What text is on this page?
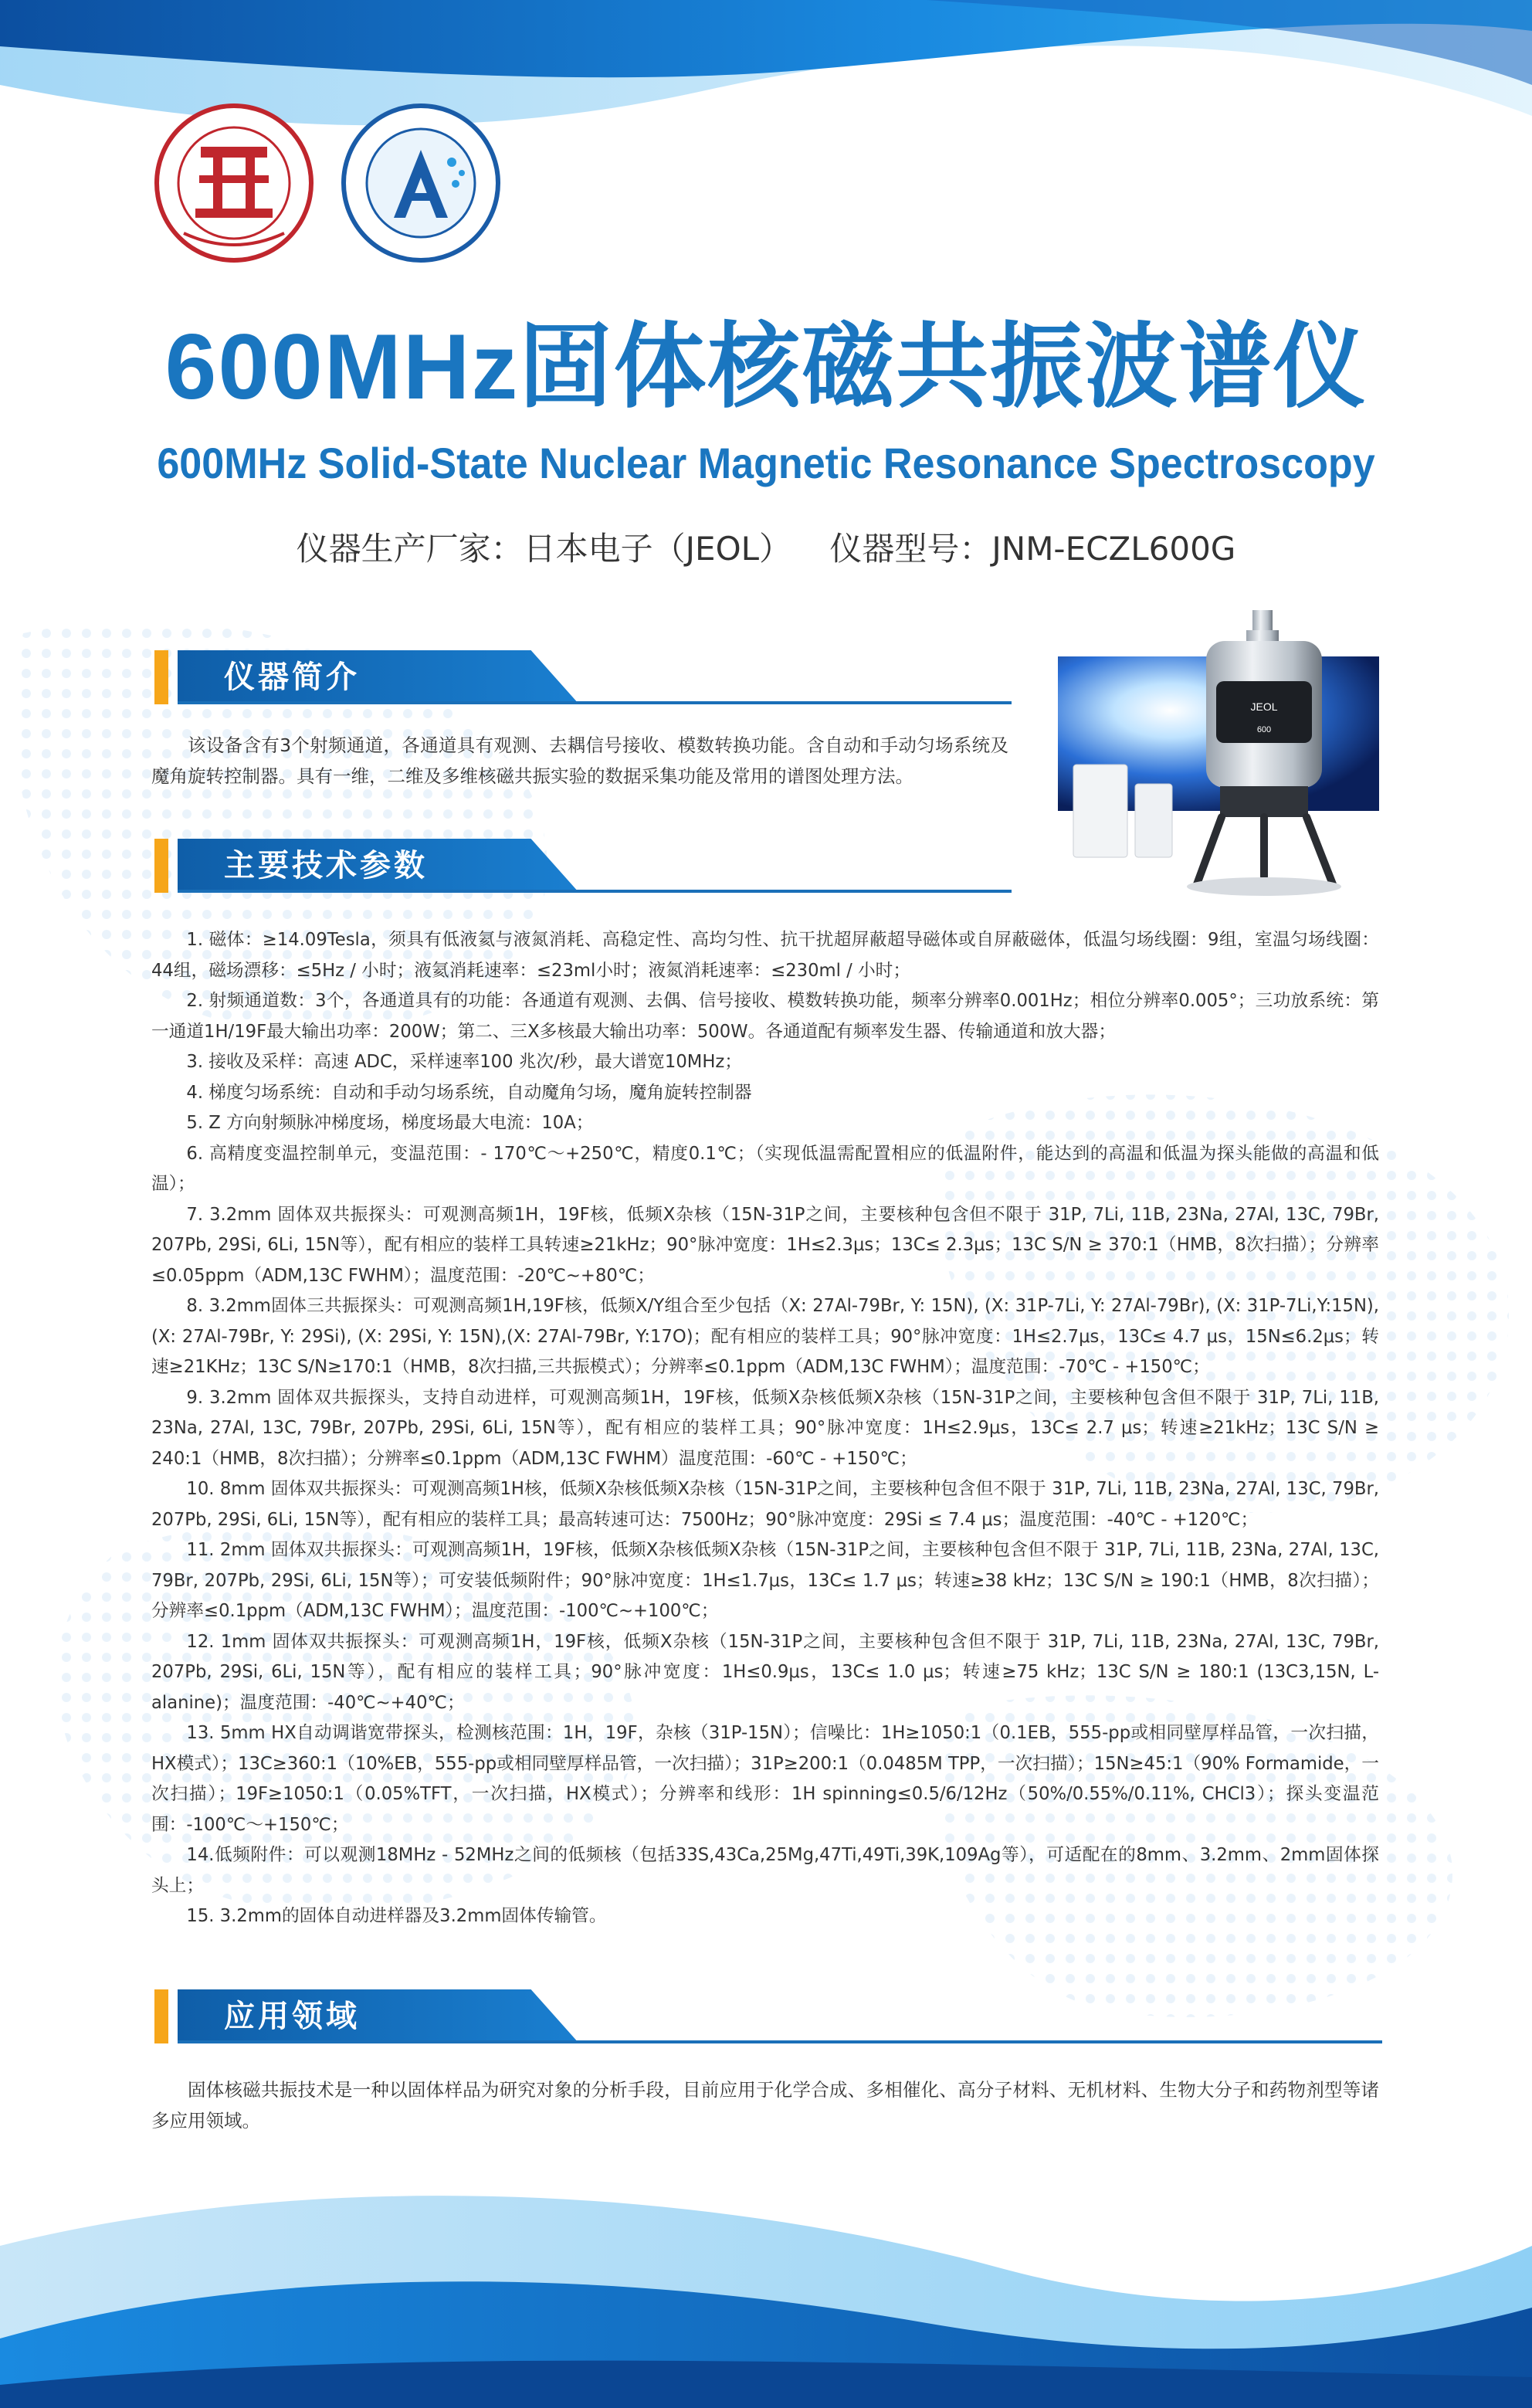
600MHz固体核磁共振波谱仪
600MHz Solid-State Nuclear Magnetic Resonance Spectroscopy
仪器生产厂家：日本电子（JEOL） 仪器型号：JNM-ECZL600G
仪器简介
该设备含有3个射频通道，各通道具有观测、去耦信号接收、模数转换功能。含自动和手动匀场系统及魔角旋转控制器。具有一维，二维及多维核磁共振实验的数据采集功能及常用的谱图处理方法。
JEOL
600
主要技术参数

1. 磁体：≥14.09Tesla，须具有低液氦与液氮消耗、高稳定性、高均匀性、抗干扰超屏蔽超导磁体或自屏蔽磁体，低温匀场线圈：9组，室温匀场线圈：44组，磁场漂移：≤5Hz / 小时；液氦消耗速率：≤23ml小时；液氮消耗速率：≤230ml / 小时；

2. 射频通道数：3个，各通道具有的功能：各通道有观测、去偶、信号接收、模数转换功能，频率分辨率0.001Hz；相位分辨率0.005°；三功放系统：第一通道1H/19F最大输出功率：200W；第二、三X多核最大输出功率：500W。各通道配有频率发生器、传输通道和放大器；

3. 接收及采样：高速 ADC，采样速率100 兆次/秒，最大谱宽10MHz；

4. 梯度匀场系统：自动和手动匀场系统，自动魔角匀场，魔角旋转控制器

5. Z 方向射频脉冲梯度场，梯度场最大电流：10A；

6. 高精度变温控制单元，变温范围：- 170℃～+250℃，精度0.1℃；（实现低温需配置相应的低温附件，能达到的高温和低温为探头能做的高温和低温）；

7. 3.2mm 固体双共振探头：可观测高频1H，19F核，低频X杂核（15N-31P之间，主要核种包含但不限于 31P, 7Li, 11B, 23Na, 27Al, 13C, 79Br, 207Pb, 29Si, 6Li, 15N等），配有相应的装样工具转速≥21kHz；90°脉冲宽度：1H≤2.3μs；13C≤ 2.3μs；13C S/N ≥ 370:1（HMB，8次扫描）；分辨率≤0.05ppm（ADM,13C FWHM）；温度范围：-20℃~+80℃；

8. 3.2mm固体三共振探头：可观测高频1H,19F核，低频X/Y组合至少包括（X: 27Al-79Br, Y: 15N), (X: 31P-7Li, Y: 27Al-79Br), (X: 31P-7Li,Y:15N), (X: 27Al-79Br, Y: 29Si), (X: 29Si, Y: 15N),(X: 27Al-79Br, Y:17O)；配有相应的装样工具；90°脉冲宽度：1H≤2.7μs，13C≤ 4.7 μs，15N≤6.2μs；转速≥21KHz；13C S/N≥170:1（HMB，8次扫描,三共振模式）；分辨率≤0.1ppm（ADM,13C FWHM）；温度范围：-70℃ - +150℃；

9. 3.2mm 固体双共振探头，支持自动进样，可观测高频1H，19F核，低频X杂核低频X杂核（15N-31P之间，主要核种包含但不限于 31P, 7Li, 11B, 23Na, 27Al, 13C, 79Br, 207Pb, 29Si, 6Li, 15N等），配有相应的装样工具；90°脉冲宽度：1H≤2.9μs，13C≤ 2.7 μs；转速≥21kHz；13C S/N ≥ 240:1（HMB，8次扫描）；分辨率≤0.1ppm（ADM,13C FWHM）温度范围：-60℃ - +150℃；

10. 8mm 固体双共振探头：可观测高频1H核，低频X杂核低频X杂核（15N-31P之间，主要核种包含但不限于 31P, 7Li, 11B, 23Na, 27Al, 13C, 79Br, 207Pb, 29Si, 6Li, 15N等），配有相应的装样工具；最高转速可达：7500Hz；90°脉冲宽度：29Si ≤ 7.4 μs；温度范围：-40℃ - +120℃；

11. 2mm 固体双共振探头：可观测高频1H，19F核，低频X杂核低频X杂核（15N-31P之间，主要核种包含但不限于 31P, 7Li, 11B, 23Na, 27Al, 13C, 79Br, 207Pb, 29Si, 6Li, 15N等）；可安装低频附件；90°脉冲宽度：1H≤1.7μs，13C≤ 1.7 μs；转速≥38 kHz；13C S/N ≥ 190:1（HMB，8次扫描）；分辨率≤0.1ppm（ADM,13C FWHM）；温度范围：-100℃~+100℃；

12. 1mm 固体双共振探头：可观测高频1H，19F核，低频X杂核（15N-31P之间，主要核种包含但不限于 31P, 7Li, 11B, 23Na, 27Al, 13C, 79Br, 207Pb, 29Si, 6Li, 15N等），配有相应的装样工具；90°脉冲宽度：1H≤0.9μs，13C≤ 1.0 μs；转速≥75 kHz；13C S/N ≥ 180:1 (13C3,15N, L-alanine)；温度范围：-40℃~+40℃；

13. 5mm HX自动调谐宽带探头，检测核范围：1H，19F，杂核（31P-15N）；信噪比：1H≥1050:1（0.1EB，555-pp或相同壁厚样品管，一次扫描，HX模式）；13C≥360:1（10%EB，555-pp或相同壁厚样品管，一次扫描）；31P≥200:1（0.0485M TPP，一次扫描）；15N≥45:1（90% Formamide，一次扫描）；19F≥1050:1（0.05%TFT，一次扫描，HX模式）；分辨率和线形：1H spinning≤0.5/6/12Hz（50%/0.55%/0.11%, CHCl3）；探头变温范围：-100℃～+150℃；

14.低频附件：可以观测18MHz - 52MHz之间的低频核（包括33S,43Ca,25Mg,47Ti,49Ti,39K,109Ag等），可适配在的8mm、3.2mm、2mm固体探头上；

15. 3.2mm的固体自动进样器及3.2mm固体传输管。

应用领域
固体核磁共振技术是一种以固体样品为研究对象的分析手段，目前应用于化学合成、多相催化、高分子材料、无机材料、生物大分子和药物剂型等诸多应用领域。
